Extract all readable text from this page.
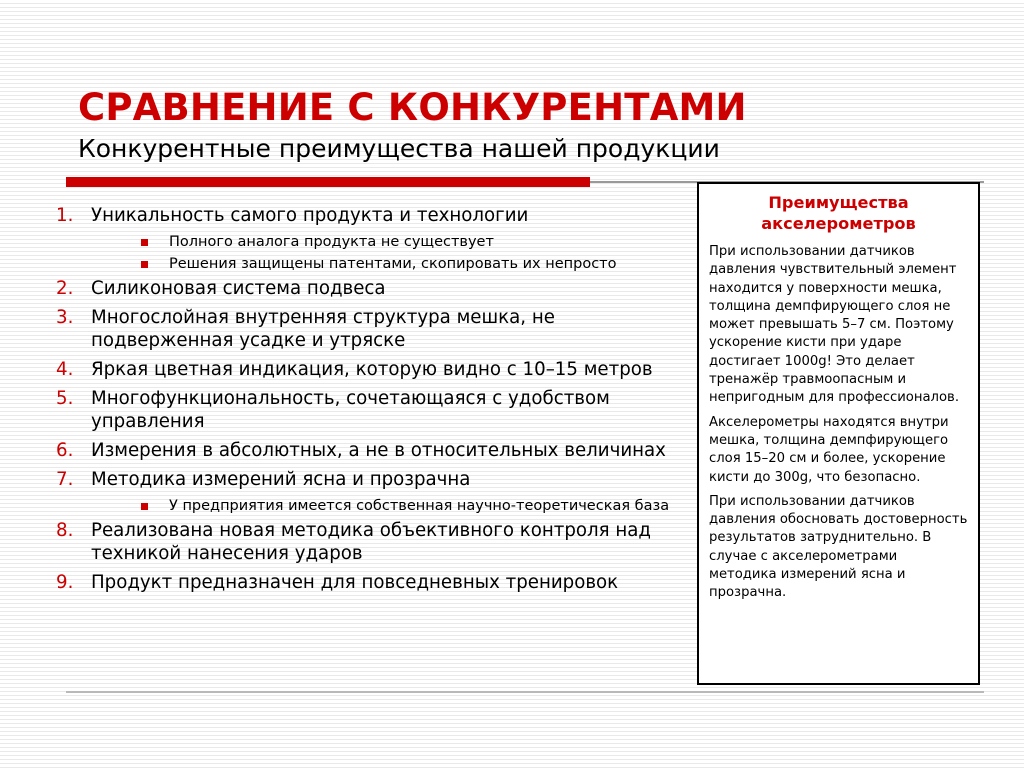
СРАВНЕНИЕ С КОНКУРЕНТАМИ
Конкурентные преимущества нашей продукции
1. Уникальность самого продукта и технологии
Полного аналога продукта не существует
Решения защищены патентами, скопировать их непросто
2. Силиконовая система подвеса
3. Многослойная внутренняя структура мешка, не подверженная усадке и утряске
4. Яркая цветная индикация, которую видно с 10–15 метров
5. Многофункциональность, сочетающаяся с удобством управления
6. Измерения в абсолютных, а не в относительных величинах
7. Методика измерений ясна и прозрачна
У предприятия имеется собственная научно-теоретическая база
8. Реализована новая методика объективного контроля над техникой нанесения ударов
9. Продукт предназначен для повседневных тренировок
Преимущества акселерометров
При использовании датчиков давления чувствительный элемент находится у поверхности мешка, толщина демпфирующего слоя не может превышать 5–7 см. Поэтому ускорение кисти при ударе достигает 1000g! Это делает тренажёр травмоопасным и непригодным для профессионалов.
Акселерометры находятся внутри мешка, толщина демпфирующего слоя 15–20 см и более, ускорение кисти до 300g, что безопасно.
При использовании датчиков давления обосновать достоверность результатов затруднительно. В случае с акселерометрами методика измерений ясна и прозрачна.
